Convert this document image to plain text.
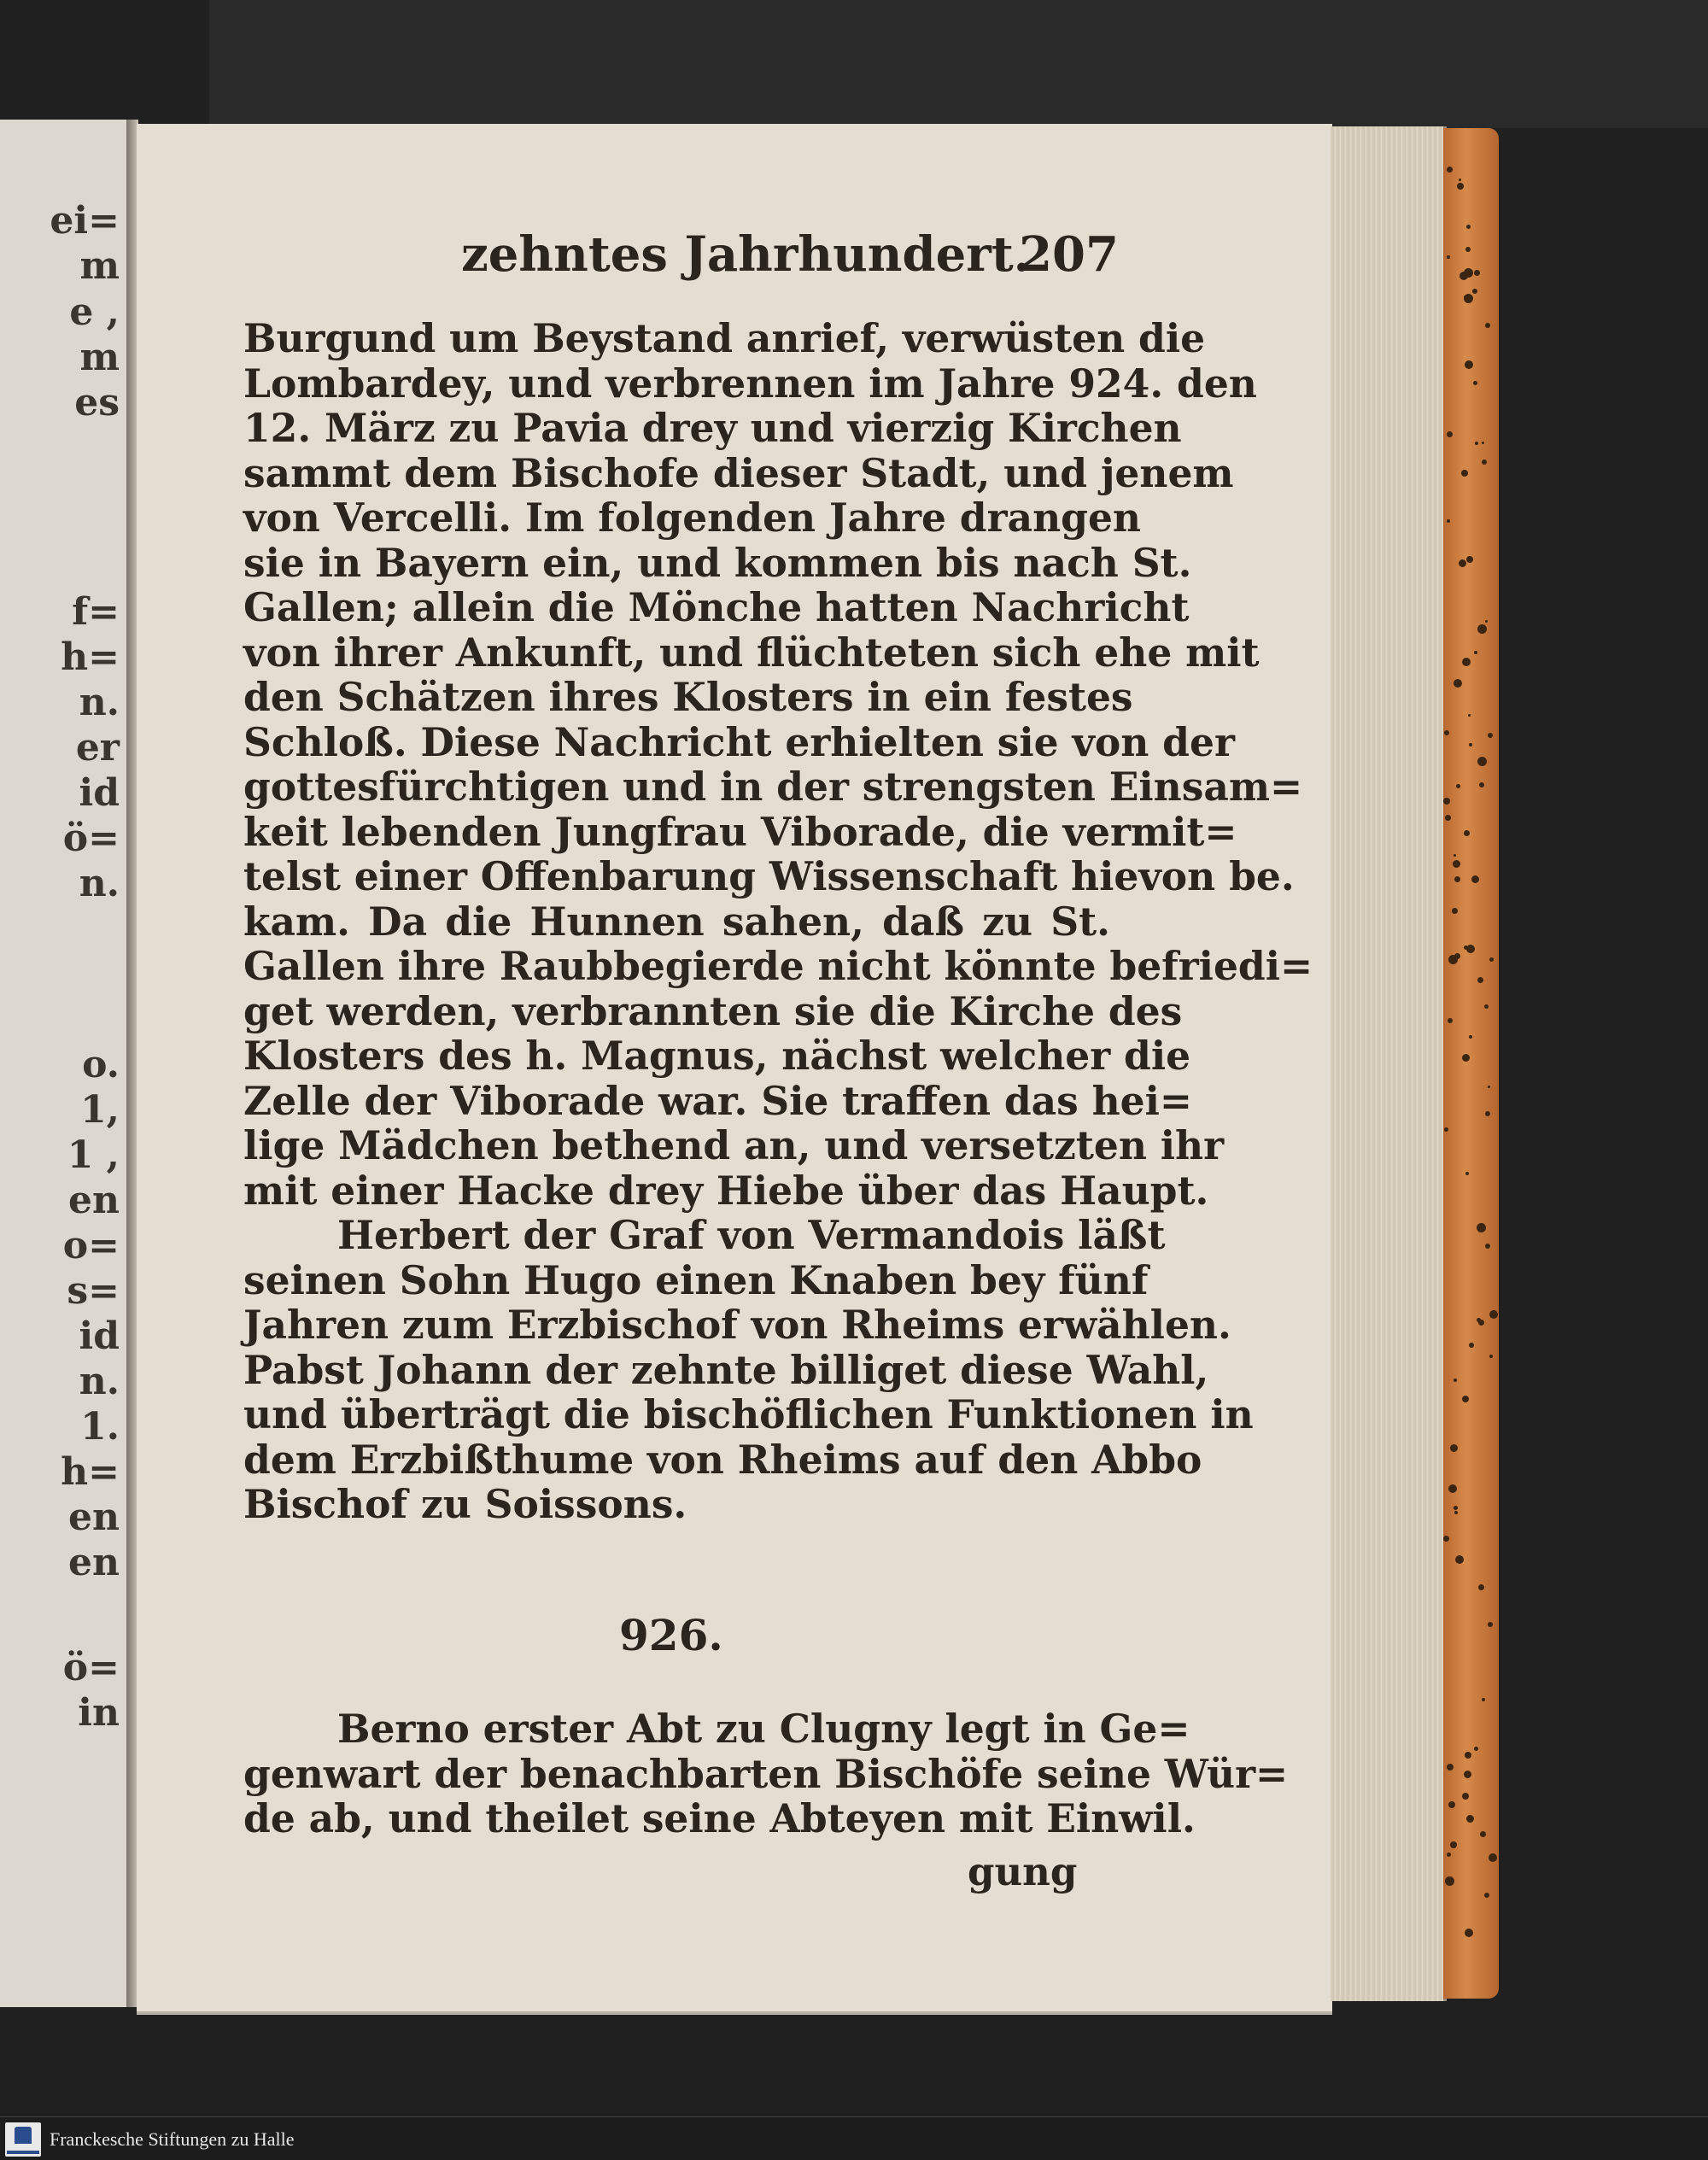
ei=
m
e ,
m
es
f=
h=
n.
er
id
ö=
n.
o.
1,
1 ,
en
o=
s=
id
n.
1.
h=
en
en
ö=
in
zehntes Jahrhundert.
207
Burgund um Beystand anrief, verwüsten die
Lombardey, und verbrennen im Jahre 924. den
12. März zu Pavia drey und vierzig Kirchen
sammt dem Bischofe dieser Stadt, und jenem
von Vercelli. Im folgenden Jahre drangen
sie in Bayern ein, und kommen bis nach St.
Gallen; allein die Mönche hatten Nachricht
von ihrer Ankunft, und flüchteten sich ehe mit
den Schätzen ihres Klosters in ein festes
Schloß. Diese Nachricht erhielten sie von der
gottesfürchtigen und in der strengsten Einsam=
keit lebenden Jungfrau Viborade, die vermit=
telst einer Offenbarung Wissenschaft hievon be.
kam. Da die Hunnen sahen, daß zu St.
Gallen ihre Raubbegierde nicht könnte befriedi=
get werden, verbrannten sie die Kirche des
Klosters des h. Magnus, nächst welcher die
Zelle der Viborade war. Sie traffen das hei=
lige Mädchen bethend an, und versetzten ihr
mit einer Hacke drey Hiebe über das Haupt.
Herbert der Graf von Vermandois läßt
seinen Sohn Hugo einen Knaben bey fünf
Jahren zum Erzbischof von Rheims erwählen.
Pabst Johann der zehnte billiget diese Wahl,
und überträgt die bischöflichen Funktionen in
dem Erzbißthume von Rheims auf den Abbo
Bischof zu Soissons.
926.
Berno erster Abt zu Clugny legt in Ge=
genwart der benachbarten Bischöfe seine Wür=
de ab, und theilet seine Abteyen mit Einwil.
gung
Franckesche Stiftungen zu Halle
